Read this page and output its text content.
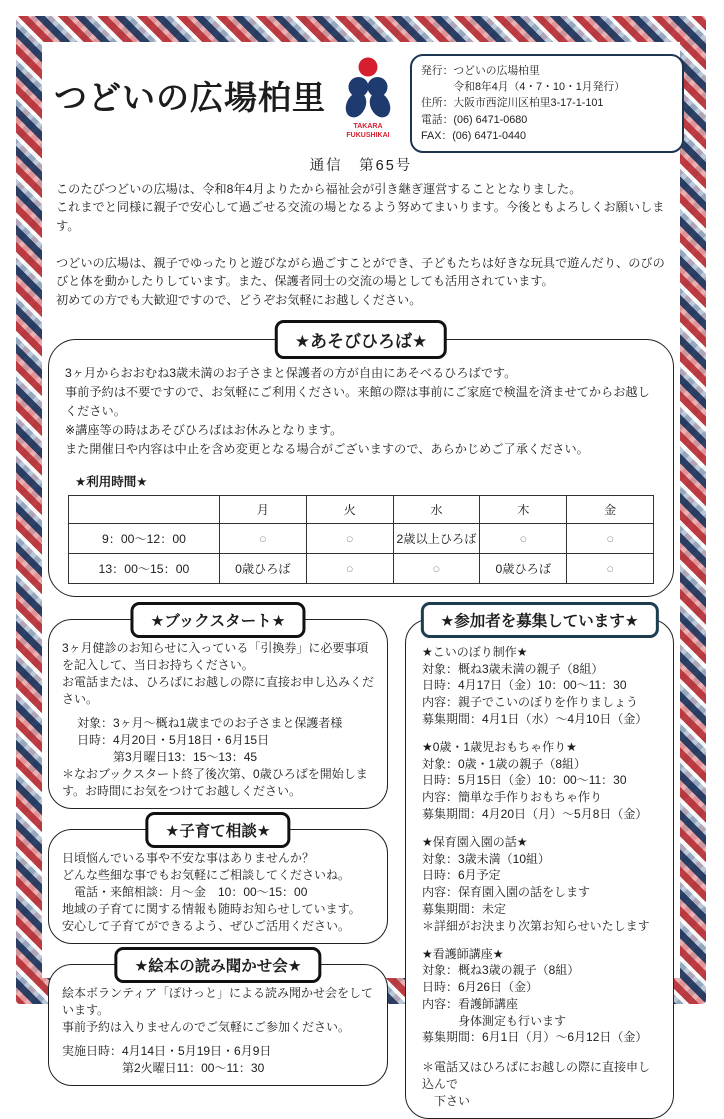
つどいの広場柏里
TAKARA
FUKUSHIKAI
発行：つどいの広場柏里
　　　令和8年4月（4・7・10・1月発行）
住所：大阪市西淀川区柏里3-17-1-101
電話：(06) 6471-0680
FAX：(06) 6471-0440
通信　第65号
このたびつどいの広場は、令和8年4月よりたから福祉会が引き継ぎ運営することとなりました。
これまでと同様に親子で安心して過ごせる交流の場となるよう努めてまいります。今後ともよろしくお願いします。
つどいの広場は、親子でゆったりと遊びながら過ごすことができ、子どもたちは好きな玩具で遊んだり、のびのびと体を動かしたりしています。また、保護者同士の交流の場としても活用されています。
初めての方でも大歓迎ですので、どうぞお気軽にお越しください。
★あそびひろば★
3ヶ月からおおむね3歳未満のお子さまと保護者の方が自由にあそべるひろばです。
事前予約は不要ですので、お気軽にご利用ください。来館の際は事前にご家庭で検温を済ませてからお越しください。
※講座等の時はあそびひろばはお休みとなります。
また開催日や内容は中止を含め変更となる場合がございますので、あらかじめご了承ください。
★利用時間★
	月	火	水	木	金
9：00～12：00	○	○	2歳以上ひろば	○	○
13：00～15：00	0歳ひろば	○	○	0歳ひろば	○
★ブックスタート★
3ヶ月健診のお知らせに入っている「引換券」に必要事項を記入して、当日お持ちください。
お電話または、ひろばにお越しの際に直接お申し込みください。
対象：3ヶ月～概ね1歳までのお子さまと保護者様
日時：4月20日・5月18日・6月15日
　　　第3月曜日13：15～13：45
＊なおブックスタート終了後次第、0歳ひろばを開始します。お時間にお気をつけてお越しください。
★子育て相談★
日頃悩んでいる事や不安な事はありませんか？
どんな些細な事でもお気軽にご相談してくださいね。
　電話・来館相談：月～金　10：00～15：00
地域の子育てに関する情報も随時お知らせしています。
安心して子育てができるよう、ぜひご活用ください。
★絵本の読み聞かせ会★
絵本ボランティア「ぽけっと」による読み聞かせ会をしています。
事前予約は入りませんのでご気軽にご参加ください。
実施日時：4月14日・5月19日・6月9日
　　　　　第2火曜日11：00～11：30
★参加者を募集しています★
★こいのぼり制作★
対象：概ね3歳未満の親子（8組）
日時：4月17日（金）10：00～11：30
内容：親子でこいのぼりを作りましょう
募集期間：4月1日（水）～4月10日（金）
★0歳・1歳児おもちゃ作り★
対象：0歳・1歳の親子（8組）
日時：5月15日（金）10：00～11：30
内容：簡単な手作りおもちゃ作り
募集期間：4月20日（月）～5月8日（金）
★保育園入園の話★
対象：3歳未満（10組）
日時：6月予定
内容：保育園入園の話をします
募集期間：未定
＊詳細がお決まり次第お知らせいたします
★看護師講座★
対象：概ね3歳の親子（8組）
日時：6月26日（金）
内容：看護師講座
　　　身体測定も行います
募集期間：6月1日（月）～6月12日（金）
＊電話又はひろばにお越しの際に直接申し込んで
　下さい
